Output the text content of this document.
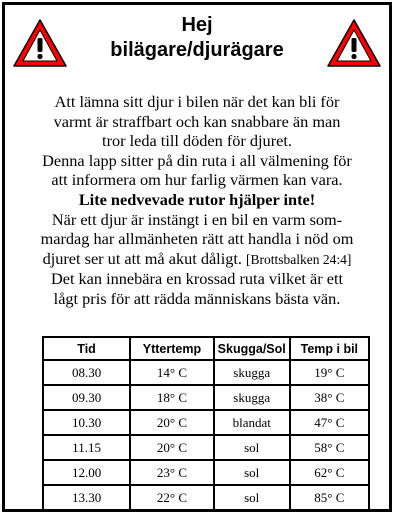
Hej
bilägare/djurägare
Att lämna sitt djur i bilen när det kan bli för
varmt är straffbart och kan snabbare än man
tror leda till döden för djuret.
Denna lapp sitter på din ruta i all välmening för
att informera om hur farlig värmen kan vara.
Lite nedvevade rutor hjälper inte!
När ett djur är instängt i en bil en varm som-
mardag har allmänheten rätt att handla i nöd om
djuret ser ut att må akut dåligt. [Brottsbalken 24:4]
Det kan innebära en krossad ruta vilket är ett
lågt pris för att rädda människans bästa vän.
Tid	Yttertemp	Skugga/Sol	Temp i bil
08.30	14° C	skugga	19° C
09.30	18° C	skugga	38° C
10.30	20° C	blandat	47° C
11.15	20° C	sol	58° C
12.00	23° C	sol	62° C
13.30	22° C	sol	85° C
